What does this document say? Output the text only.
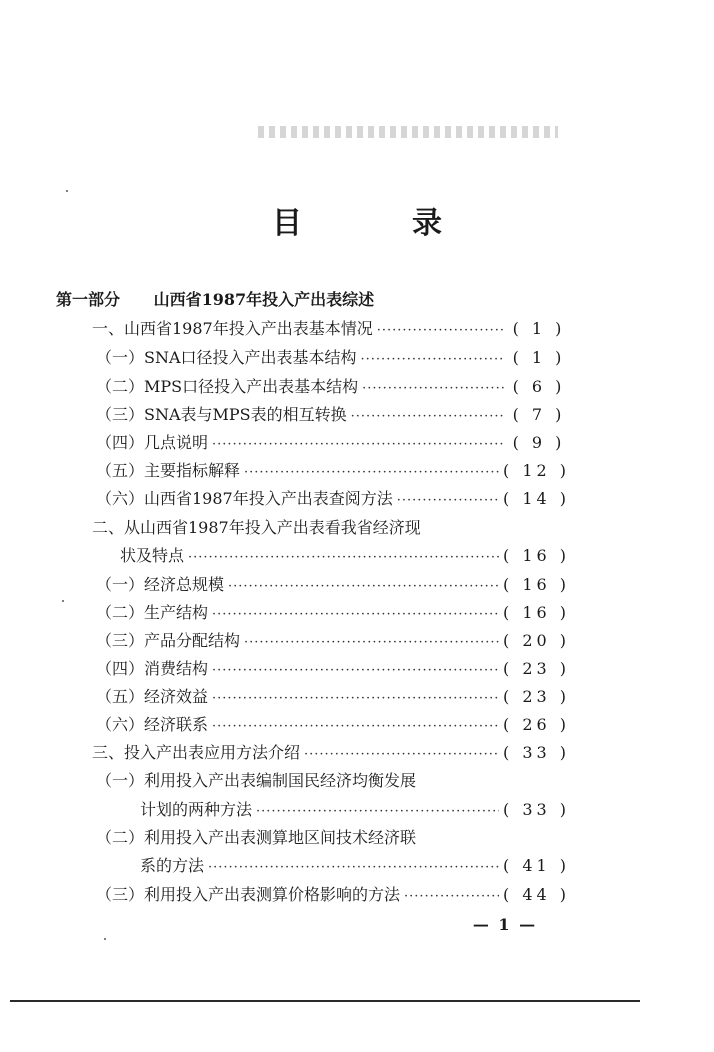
目　录
第一部分 山西省1987年投入产出表综述
一、山西省1987年投入产出表基本情况 ·····	( 1 )
（一）SNA口径投入产出表基本结构 ·····	( 1 )
（二）MPS口径投入产出表基本结构 ·····	( 6 )
（三）SNA表与MPS表的相互转换 ·····	( 7 )
（四）几点说明 ·····	( 9 )
（五）主要指标解释 ·····	( 12 )
（六）山西省1987年投入产出表查阅方法 ·····	( 14 )
二、从山西省1987年投入产出表看我省经济现
状及特点 ·····	( 16 )
（一）经济总规模 ·····	( 16 )
（二）生产结构 ·····	( 16 )
（三）产品分配结构 ·····	( 20 )
（四）消费结构 ·····	( 23 )
（五）经济效益 ·····	( 23 )
（六）经济联系 ·····	( 26 )
三、投入产出表应用方法介绍 ·····	( 33 )
（一）利用投入产出表编制国民经济均衡发展
计划的两种方法 ·····	( 33 )
（二）利用投入产出表测算地区间技术经济联
系的方法 ·····	( 41 )
（三）利用投入产出表测算价格影响的方法 ·····	( 44 )
— 1 —
